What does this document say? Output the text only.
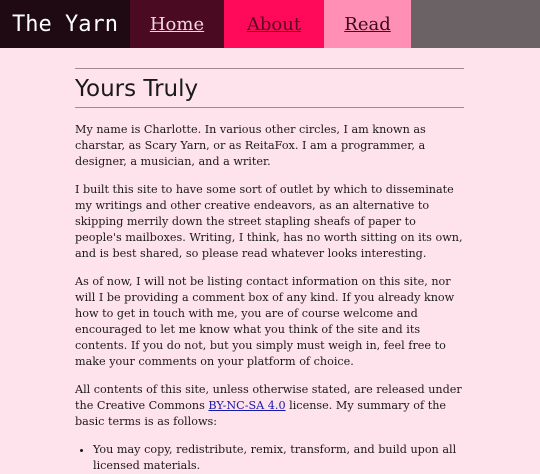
The Yarn	Home	About	Read
Yours Truly

My name is Charlotte. In various other circles, I am known as charstar, as Scary Yarn, or as ReitaFox. I am a programmer, a designer, a musician, and a writer.

I built this site to have some sort of outlet by which to disseminate my writings and other creative endeavors, as an alternative to skipping merrily down the street stapling sheafs of paper to people's mailboxes. Writing, I think, has no worth sitting on its own, and is best shared, so please read whatever looks interesting.

As of now, I will not be listing contact information on this site, nor will I be providing a comment box of any kind. If you already know how to get in touch with me, you are of course welcome and encouraged to let me know what you think of the site and its contents. If you do not, but you simply must weigh in, feel free to make your comments on your platform of choice.

All contents of this site, unless otherwise stated, are released under the Creative Commons BY-NC-SA 4.0 license. My summary of the basic terms is as follows:

• You may copy, redistribute, remix, transform, and build upon all licensed materials.
